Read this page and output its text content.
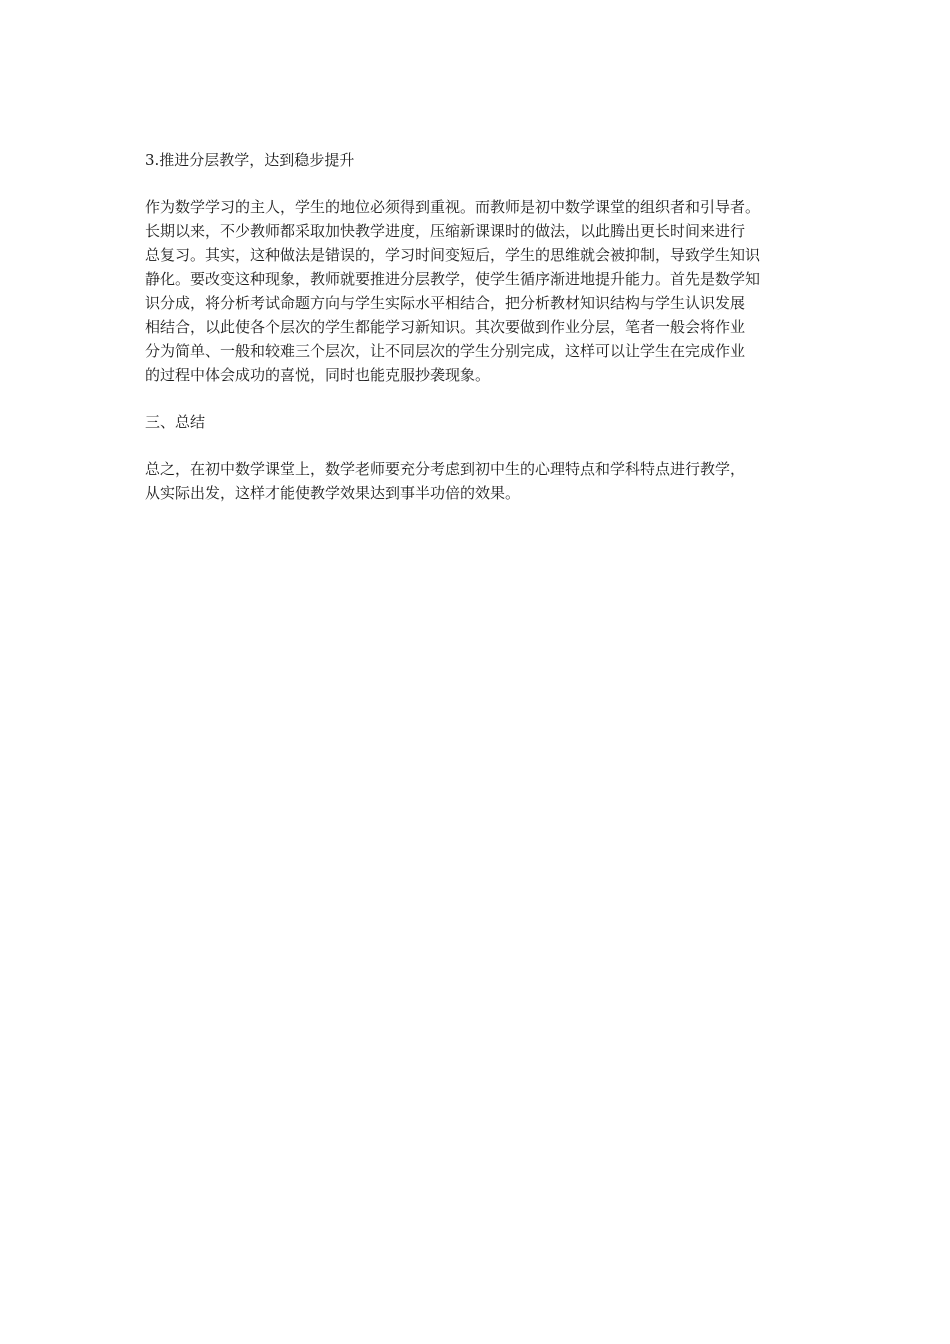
3.推进分层教学，达到稳步提升

作为数学学习的主人，学生的地位必须得到重视。而教师是初中数学课堂的组织者和引导者。
长期以来，不少教师都采取加快教学进度，压缩新课课时的做法，以此腾出更长时间来进行
总复习。其实，这种做法是错误的，学习时间变短后，学生的思维就会被抑制，导致学生知识
静化。要改变这种现象，教师就要推进分层教学，使学生循序渐进地提升能力。首先是数学知
识分成，将分析考试命题方向与学生实际水平相结合，把分析教材知识结构与学生认识发展
相结合，以此使各个层次的学生都能学习新知识。其次要做到作业分层，笔者一般会将作业
分为简单、一般和较难三个层次，让不同层次的学生分别完成，这样可以让学生在完成作业
的过程中体会成功的喜悦，同时也能克服抄袭现象。

三、总结

总之，在初中数学课堂上，数学老师要充分考虑到初中生的心理特点和学科特点进行教学，
从实际出发，这样才能使教学效果达到事半功倍的效果。
